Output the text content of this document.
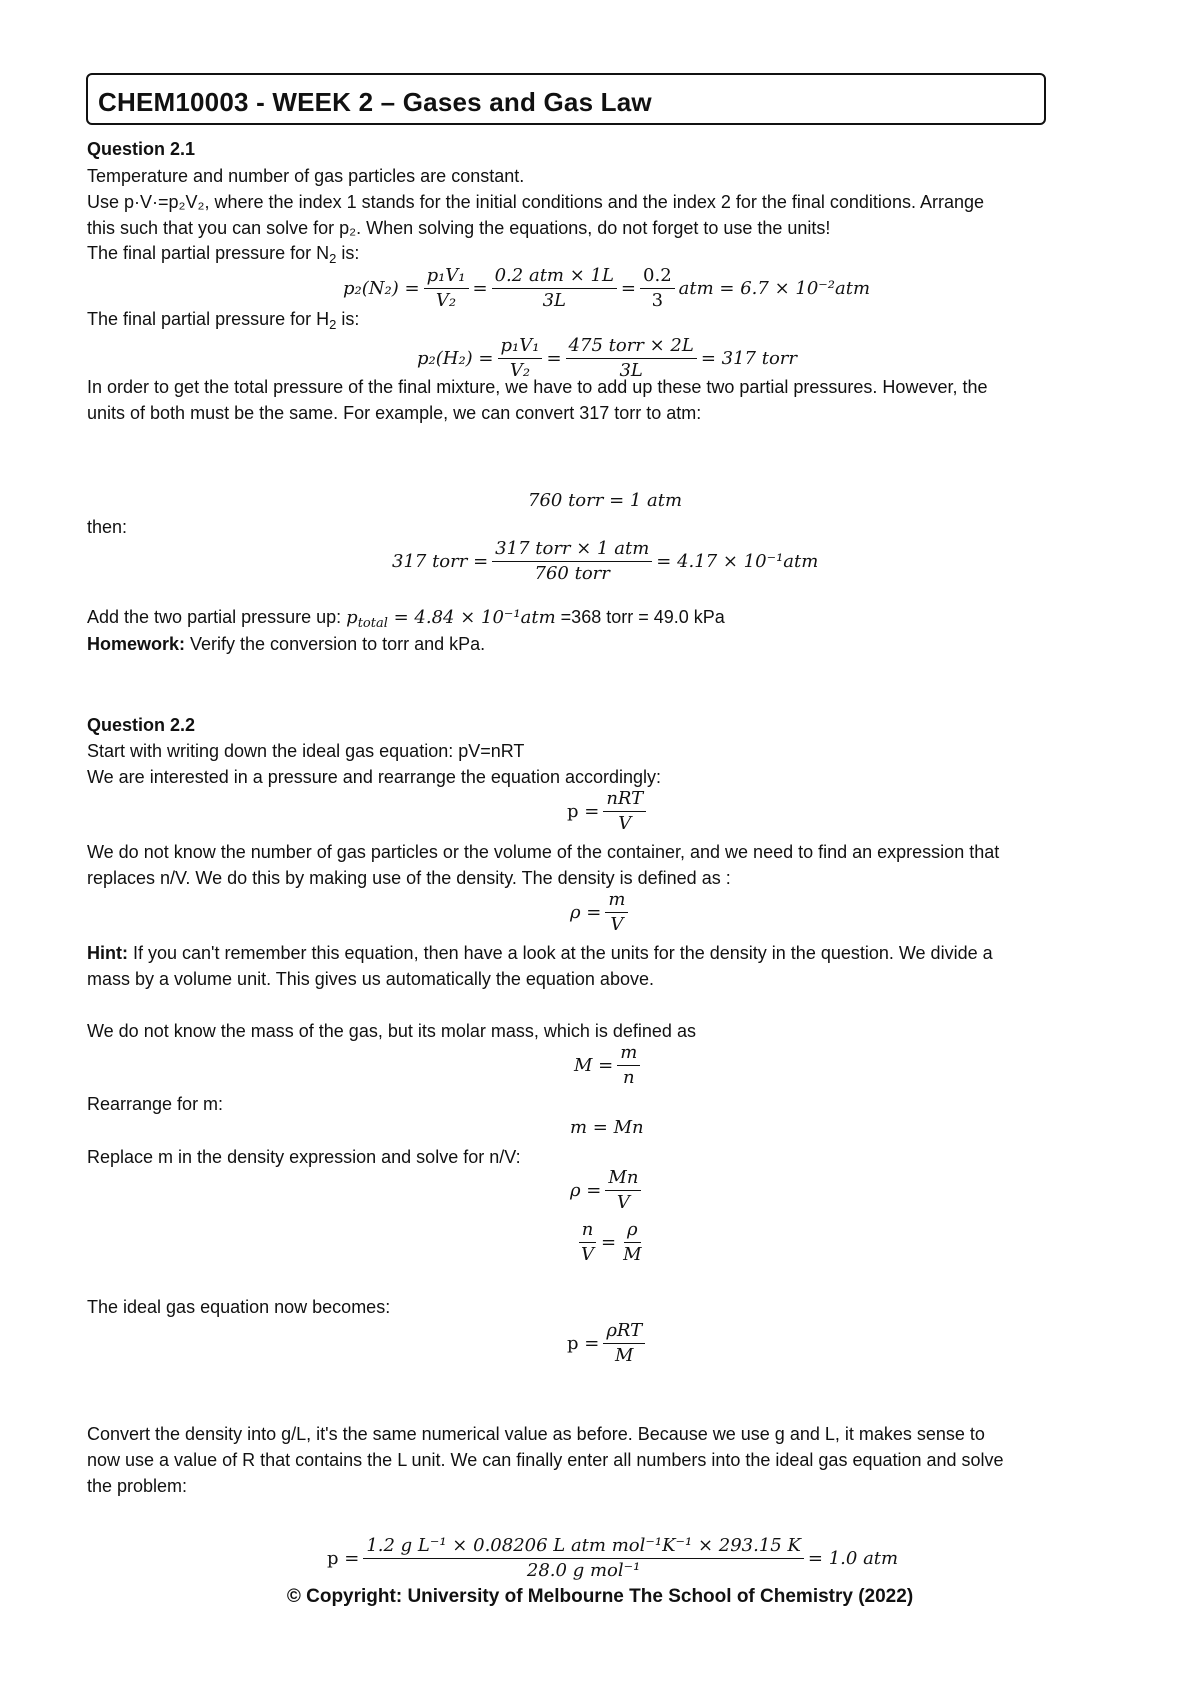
CHEM10003 - WEEK 2 – Gases and Gas Law
Question 2.1
Temperature and number of gas particles are constant.
Use p·V·=p₂V₂, where the index 1 stands for the initial conditions and the index 2 for the final conditions. Arrange
this such that you can solve for p₂. When solving the equations, do not forget to use the units!
The final partial pressure for $N_2$ is:
$p_2(N_2) = \frac{\text{p₁V₁}}{\text{V₂}} = \frac{\text{0.2 atm × 1L}}{3L} = \frac{0.2}{3}$ atm = 6.7 × 10⁻²atm
The final partial pressure for $H_2$ is:
$p_2(H_2) = \frac{\text{p₁V₁}}{\text{V₂}} = \frac{\text{475 torr × 2L}}{3L} = 317$ torr
In order to get the total pressure of the final mixture, we have to add up these two partial pressures. However, the
units of both must be the same. For example, we can convert 317 torr to atm:
760 torr = 1 atm
then:
317 torr = $\frac{\text{317 torr × 1 atm}}{\text{760 torr}} = 4.17 \times 10^{-1}atm$
Add the two partial pressure up: $p_{total} = 4.84 \times 10^{-1}atm =368$ torr = 49.0 kPa
Homework: Verify the conversion to torr and kPa.
Question 2.2
Start with writing down the ideal gas equation: pV=nRT
We are interested in a pressure and rearrange the equation accordingly:
$p = \frac{\text{nRT}}{V}$
We do not know the number of gas particles or the volume of the container, and we need to find an expression that
replaces n/V. We do this by making use of the density. The density is defined as :
$\rho = \frac{m}{V}$
Hint: If you can't remember this equation, then have a look at the units for the density in the question. We divide a
mass by a volume unit. This gives us automatically the equation above.
We do not know the mass of the gas, but its molar mass, which is defined as
$M = \frac{m}{n}$
Rearrange for m:
m = Mn
Replace m in the density expression and solve for n/V:
$\rho = \frac{Mn}{V}$
$\frac{n}{V} = \frac{\rho}{M}$
The ideal gas equation now becomes:
$p = \frac{\text{ρRT}}{M}$
Convert the density into g/L, it's the same numerical value as before. Because we use g and L, it makes sense to
now use a value of R that contains the L unit. We can finally enter all numbers into the ideal gas equation and solve
the problem:
$p = \frac{\text{1.2 g L⁻¹ × 0.08206 L atm mol⁻¹K⁻¹ × 293.15 K}}{\text{28.0 g mol⁻¹}} = 1.0$ atm
© Copyright: University of Melbourne The School of Chemistry (2022)
